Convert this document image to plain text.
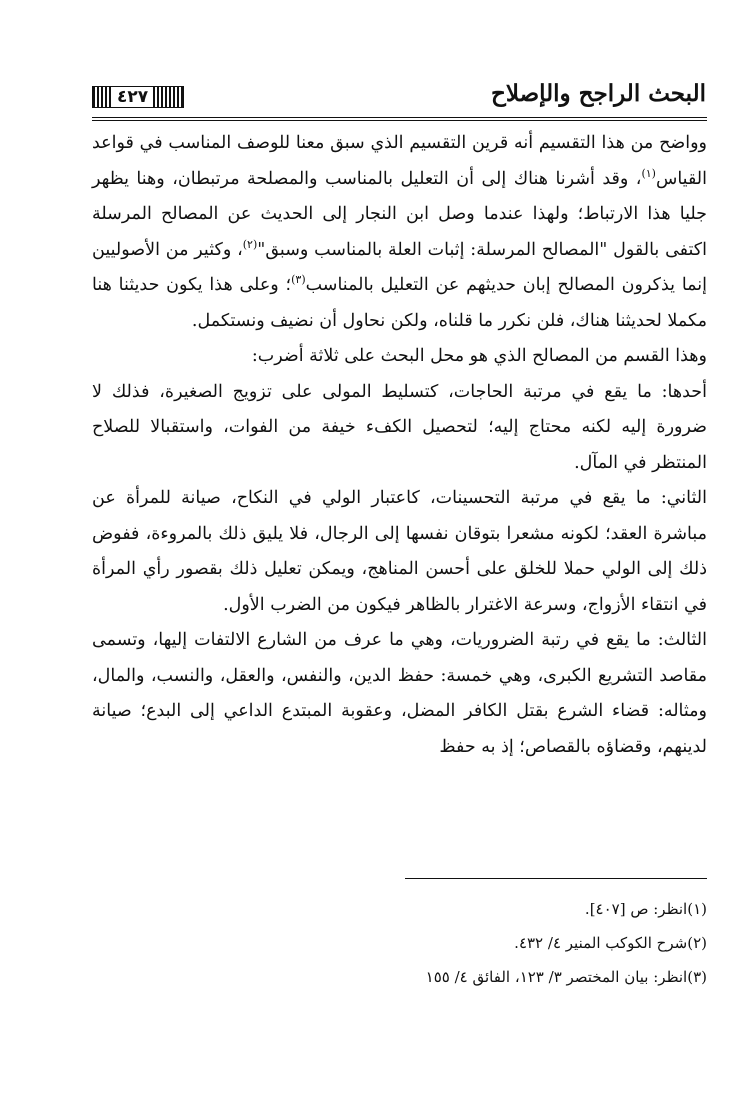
البحث الراجح والإصلاح
٤٢٧

وواضح من هذا التقسيم أنه قرين التقسيم الذي سبق معنا للوصف المناسب في قواعد القياس$^{(١)}$، وقد أشرنا هناك إلى أن التعليل بالمناسب والمصلحة مرتبطان، وهنا يظهر جليا هذا الارتباط؛ ولهذا عندما وصل ابن النجار إلى الحديث عن المصالح المرسلة اكتفى بالقول "المصالح المرسلة: إثبات العلة بالمناسب وسبق"$^{(٢)}$، وكثير من الأصوليين إنما يذكرون المصالح إبان حديثهم عن التعليل بالمناسب$^{(٣)}$؛ وعلى هذا يكون حديثنا هنا مكملا لحديثنا هناك، فلن نكرر ما قلناه، ولكن نحاول أن نضيف ونستكمل.

وهذا القسم من المصالح الذي هو محل البحث على ثلاثة أضرب:

أحدها: ما يقع في مرتبة الحاجات، كتسليط المولى على تزويج الصغيرة، فذلك لا ضرورة إليه لكنه محتاج إليه؛ لتحصيل الكفء خيفة من الفوات، واستقبالا للصلاح المنتظر في المآل.

الثاني: ما يقع في مرتبة التحسينات، كاعتبار الولي في النكاح، صيانة للمرأة عن مباشرة العقد؛ لكونه مشعرا بتوقان نفسها إلى الرجال، فلا يليق ذلك بالمروءة، ففوض ذلك إلى الولي حملا للخلق على أحسن المناهج، ويمكن تعليل ذلك بقصور رأي المرأة في انتقاء الأزواج، وسرعة الاغترار بالظاهر فيكون من الضرب الأول.

الثالث: ما يقع في رتبة الضروريات، وهي ما عرف من الشارع الالتفات إليها، وتسمى مقاصد التشريع الكبرى، وهي خمسة: حفظ الدين، والنفس، والعقل، والنسب، والمال، ومثاله: قضاء الشرع بقتل الكافر المضل، وعقوبة المبتدع الداعي إلى البدع؛ صيانة لدينهم، وقضاؤه بالقصاص؛ إذ به حفظ

(١)انظر: ص [٤٠٧].
(٢)شرح الكوكب المنير ٤/ ٤٣٢.
(٣)انظر: بيان المختصر ٣/ ١٢٣، الفائق ٤/ ١٥٥
